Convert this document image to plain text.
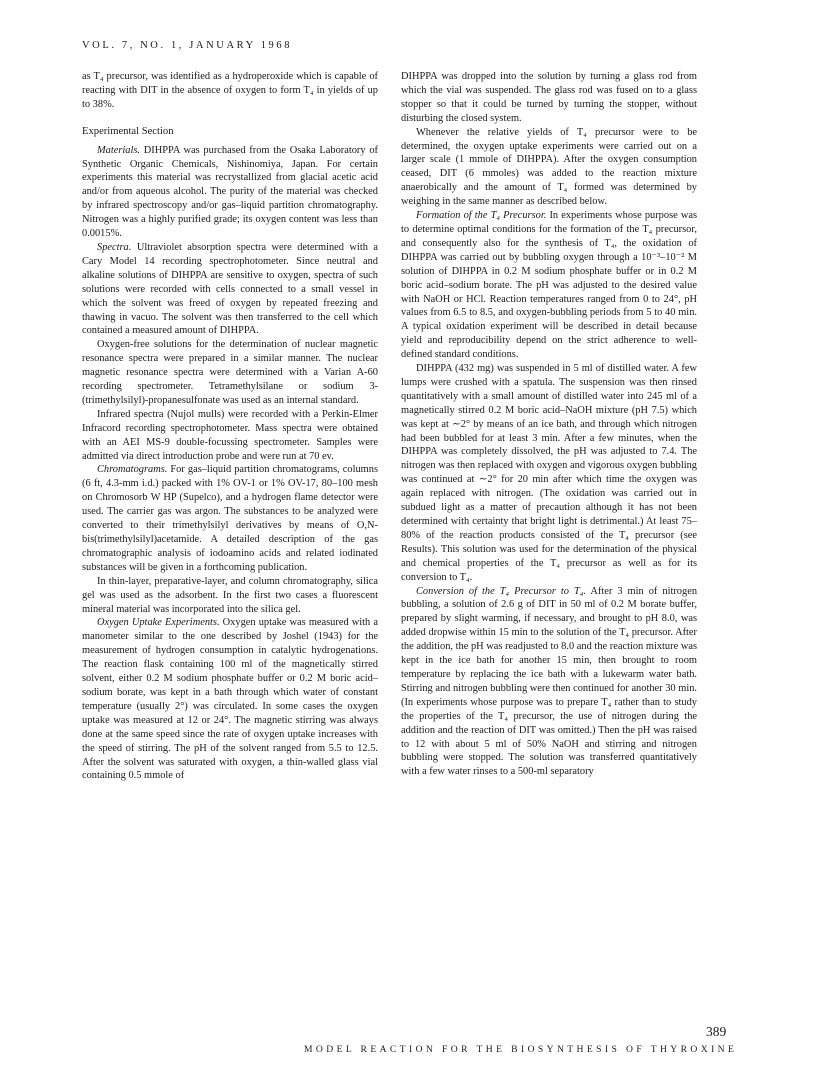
VOL. 7, NO. 1, JANUARY 1968

as T₄ precursor, was identified as a hydroperoxide which is capable of reacting with DIT in the absence of oxygen to form T₄ in yields of up to 38%.

Experimental Section

Materials. DIHPPA was purchased from the Osaka Laboratory of Synthetic Organic Chemicals, Nishinomiya, Japan. For certain experiments this material was recrystallized from glacial acetic acid and/or from aqueous alcohol. The purity of the material was checked by infrared spectroscopy and/or gas–liquid partition chromatography. Nitrogen was a highly purified grade; its oxygen content was less than 0.0015%.

Spectra. Ultraviolet absorption spectra were determined with a Cary Model 14 recording spectrophotometer. Since neutral and alkaline solutions of DIHPPA are sensitive to oxygen, spectra of such solutions were recorded with cells connected to a small vessel in which the solvent was freed of oxygen by repeated freezing and thawing in vacuo. The solvent was then transferred to the cell which contained a measured amount of DIHPPA.

Oxygen-free solutions for the determination of nuclear magnetic resonance spectra were prepared in a similar manner. The nuclear magnetic resonance spectra were determined with a Varian A-60 recording spectrometer. Tetramethylsilane or sodium 3-(trimethylsilyl)-propanesulfonate was used as an internal standard.

Infrared spectra (Nujol mulls) were recorded with a Perkin-Elmer Infracord recording spectrophotometer. Mass spectra were obtained with an AEI MS-9 double-focussing spectrometer. Samples were admitted via direct introduction probe and were run at 70 ev.

Chromatograms. For gas–liquid partition chromatograms, columns (6 ft, 4.3-mm i.d.) packed with 1% OV-1 or 1% OV-17, 80–100 mesh on Chromosorb W HP (Supelco), and a hydrogen flame detector were used. The carrier gas was argon. The substances to be analyzed were converted to their trimethylsilyl derivatives by means of O,N-bis(trimethylsilyl)acetamide. A detailed description of the gas chromatographic analysis of iodoamino acids and related iodinated substances will be given in a forthcoming publication.

In thin-layer, preparative-layer, and column chromatography, silica gel was used as the adsorbent. In the first two cases a fluorescent mineral material was incorporated into the silica gel.

Oxygen Uptake Experiments. Oxygen uptake was measured with a manometer similar to the one described by Joshel (1943) for the measurement of hydrogen consumption in catalytic hydrogenations. The reaction flask containing 100 ml of the magnetically stirred solvent, either 0.2 M sodium phosphate buffer or 0.2 M boric acid–sodium borate, was kept in a bath through which water of constant temperature (usually 2°) was circulated. In some cases the oxygen uptake was measured at 12 or 24°. The magnetic stirring was always done at the same speed since the rate of oxygen uptake increases with the speed of stirring. The pH of the solvent ranged from 5.5 to 12.5. After the solvent was saturated with oxygen, a thin-walled glass vial containing 0.5 mmole of

DIHPPA was dropped into the solution by turning a glass rod from which the vial was suspended. The glass rod was fused on to a glass stopper so that it could be turned by turning the stopper, without disturbing the closed system.

Whenever the relative yields of T₄ precursor were to be determined, the oxygen uptake experiments were carried out on a larger scale (1 mmole of DIHPPA). After the oxygen consumption ceased, DIT (6 mmoles) was added to the reaction mixture anaerobically and the amount of T₄ formed was determined by weighing in the same manner as described below.

Formation of the T₄ Precursor. In experiments whose purpose was to determine optimal conditions for the formation of the T₄ precursor, and consequently also for the synthesis of T₄, the oxidation of DIHPPA was carried out by bubbling oxygen through a 10⁻³–10⁻² M solution of DIHPPA in 0.2 M sodium phosphate buffer or in 0.2 M boric acid–sodium borate. The pH was adjusted to the desired value with NaOH or HCl. Reaction temperatures ranged from 0 to 24°, pH values from 6.5 to 8.5, and oxygen-bubbling periods from 5 to 40 min. A typical oxidation experiment will be described in detail because yield and reproducibility depend on the strict adherence to well-defined standard conditions.

DIHPPA (432 mg) was suspended in 5 ml of distilled water. A few lumps were crushed with a spatula. The suspension was then rinsed quantitatively with a small amount of distilled water into 245 ml of a magnetically stirred 0.2 M boric acid–NaOH mixture (pH 7.5) which was kept at ∼2° by means of an ice bath, and through which nitrogen had been bubbled for at least 3 min. After a few minutes, when the DIHPPA was completely dissolved, the pH was adjusted to 7.4. The nitrogen was then replaced with oxygen and vigorous oxygen bubbling was continued at ∼2° for 20 min after which time the oxygen was again replaced with nitrogen. (The oxidation was carried out in subdued light as a matter of precaution although it has not been determined with certainty that bright light is detrimental.) At least 75–80% of the reaction products consisted of the T₄ precursor (see Results). This solution was used for the determination of the physical and chemical properties of the T₄ precursor as well as for its conversion to T₄.

Conversion of the T₄ Precursor to T₄. After 3 min of nitrogen bubbling, a solution of 2.6 g of DIT in 50 ml of 0.2 M borate buffer, prepared by slight warming, if necessary, and brought to pH 8.0, was added dropwise within 15 min to the solution of the T₄ precursor. After the addition, the pH was readjusted to 8.0 and the reaction mixture was kept in the ice bath for another 15 min, then brought to room temperature by replacing the ice bath with a lukewarm water bath. Stirring and nitrogen bubbling were then continued for another 30 min. (In experiments whose purpose was to prepare T₄ rather than to study the properties of the T₄ precursor, the use of nitrogen during the addition and the reaction of DIT was omitted.) Then the pH was raised to 12 with about 5 ml of 50% NaOH and stirring and nitrogen bubbling were stopped. The solution was transferred quantitatively with a few water rinses to a 500-ml separatory

389
MODEL REACTION FOR THE BIOSYNTHESIS OF THYROXINE
